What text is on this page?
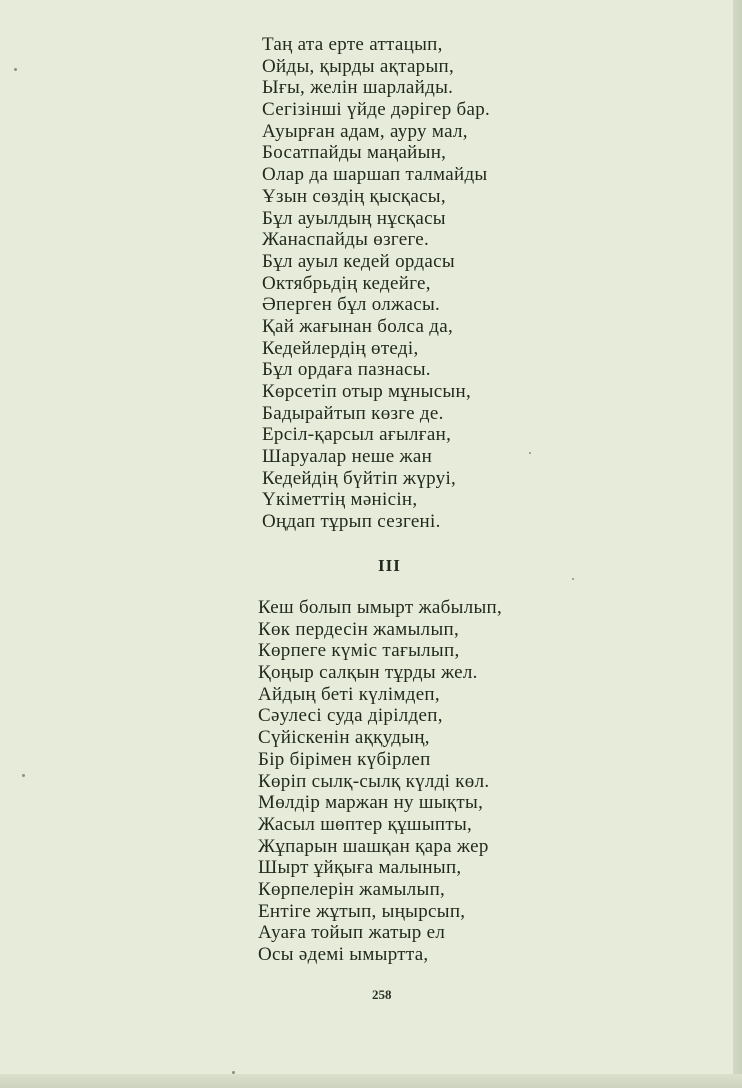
Таң ата ерте аттацып,
Ойды, қырды ақтарып,
Ығы, желін шарлайды.
Сегізінші үйде дәрігер бар.
Ауырған адам, ауру мал,
Босатпайды маңайын,
Олар да шаршап талмайды
Ұзын сөздің қысқасы,
Бұл ауылдың нұсқасы
Жанаспайды өзгеге.
Бұл ауыл кедей ордасы
Октябрьдің кедейге,
Әперген бұл олжасы.
Қай жағынан болса да,
Кедейлердің өтеді,
Бұл ордаға пазнасы.
Көрсетіп отыр мұнысын,
Бадырайтып көзге де.
Ерсіл-қарсыл ағылған,
Шаруалар неше жан
Кедейдің бүйтіп жүруі,
Үкіметтің мәнісін,
Оңдап тұрып сезгені.
III
Кеш болып ымырт жабылып,
Көк пердесін жамылып,
Көрпеге күміс тағылып,
Қоңыр салқын тұрды жел.
Айдың беті күлімдеп,
Сәулесі суда дірілдеп,
Сүйіскенін аққудың,
Бір бірімен күбірлеп
Көріп сылқ-сылқ күлді көл.
Мөлдір маржан ну шықты,
Жасыл шөптер құшыпты,
Жұпарын шашқан қара жер
Шырт ұйқыға малынып,
Көрпелерін жамылып,
Ентіге жұтып, ыңырсып,
Ауаға тойып жатыр ел
Осы әдемі ымыртта,
258
